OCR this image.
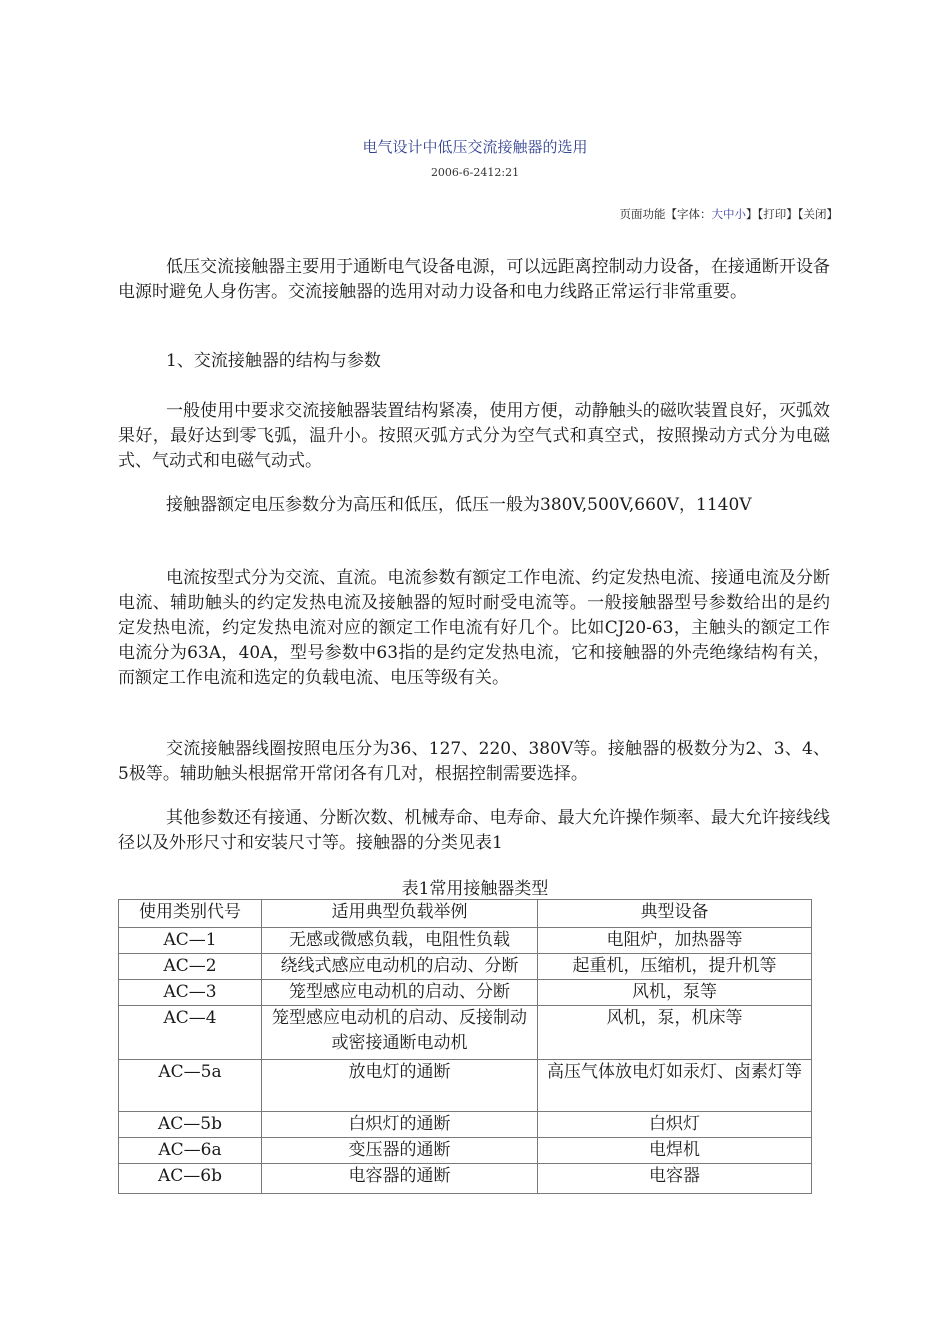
电气设计中低压交流接触器的选用
2006-6-2412:21
页面功能【字体：大中小】【打印】【关闭】

低压交流接触器主要用于通断电气设备电源，可以远距离控制动力设备，在接通断开设备电源时避免人身伤害。交流接触器的选用对动力设备和电力线路正常运行非常重要。

1、交流接触器的结构与参数

一般使用中要求交流接触器装置结构紧凑，使用方便，动静触头的磁吹装置良好，灭弧效果好，最好达到零飞弧，温升小。按照灭弧方式分为空气式和真空式，按照操动方式分为电磁式、气动式和电磁气动式。

接触器额定电压参数分为高压和低压，低压一般为380V,500V,660V，1140V

电流按型式分为交流、直流。电流参数有额定工作电流、约定发热电流、接通电流及分断电流、辅助触头的约定发热电流及接触器的短时耐受电流等。一般接触器型号参数给出的是约定发热电流，约定发热电流对应的额定工作电流有好几个。比如CJ20-63，主触头的额定工作电流分为63A，40A，型号参数中63指的是约定发热电流，它和接触器的外壳绝缘结构有关，而额定工作电流和选定的负载电流、电压等级有关。

交流接触器线圈按照电压分为36、127、220、380V等。接触器的极数分为2、3、4、5极等。辅助触头根据常开常闭各有几对，根据控制需要选择。

其他参数还有接通、分断次数、机械寿命、电寿命、最大允许操作频率、最大允许接线线径以及外形尺寸和安装尺寸等。接触器的分类见表1

表1常用接触器类型
使用类别代号	适用典型负载举例	典型设备
AC—1	无感或微感负载，电阻性负载	电阻炉，加热器等
AC—2	绕线式感应电动机的启动、分断	起重机，压缩机，提升机等
AC—3	笼型感应电动机的启动、分断	风机，泵等
AC—4	笼型感应电动机的启动、反接制动或密接通断电动机	风机，泵，机床等
AC—5a	放电灯的通断	高压气体放电灯如汞灯、卤素灯等
AC—5b	白炽灯的通断	白炽灯
AC—6a	变压器的通断	电焊机
AC—6b	电容器的通断	电容器
